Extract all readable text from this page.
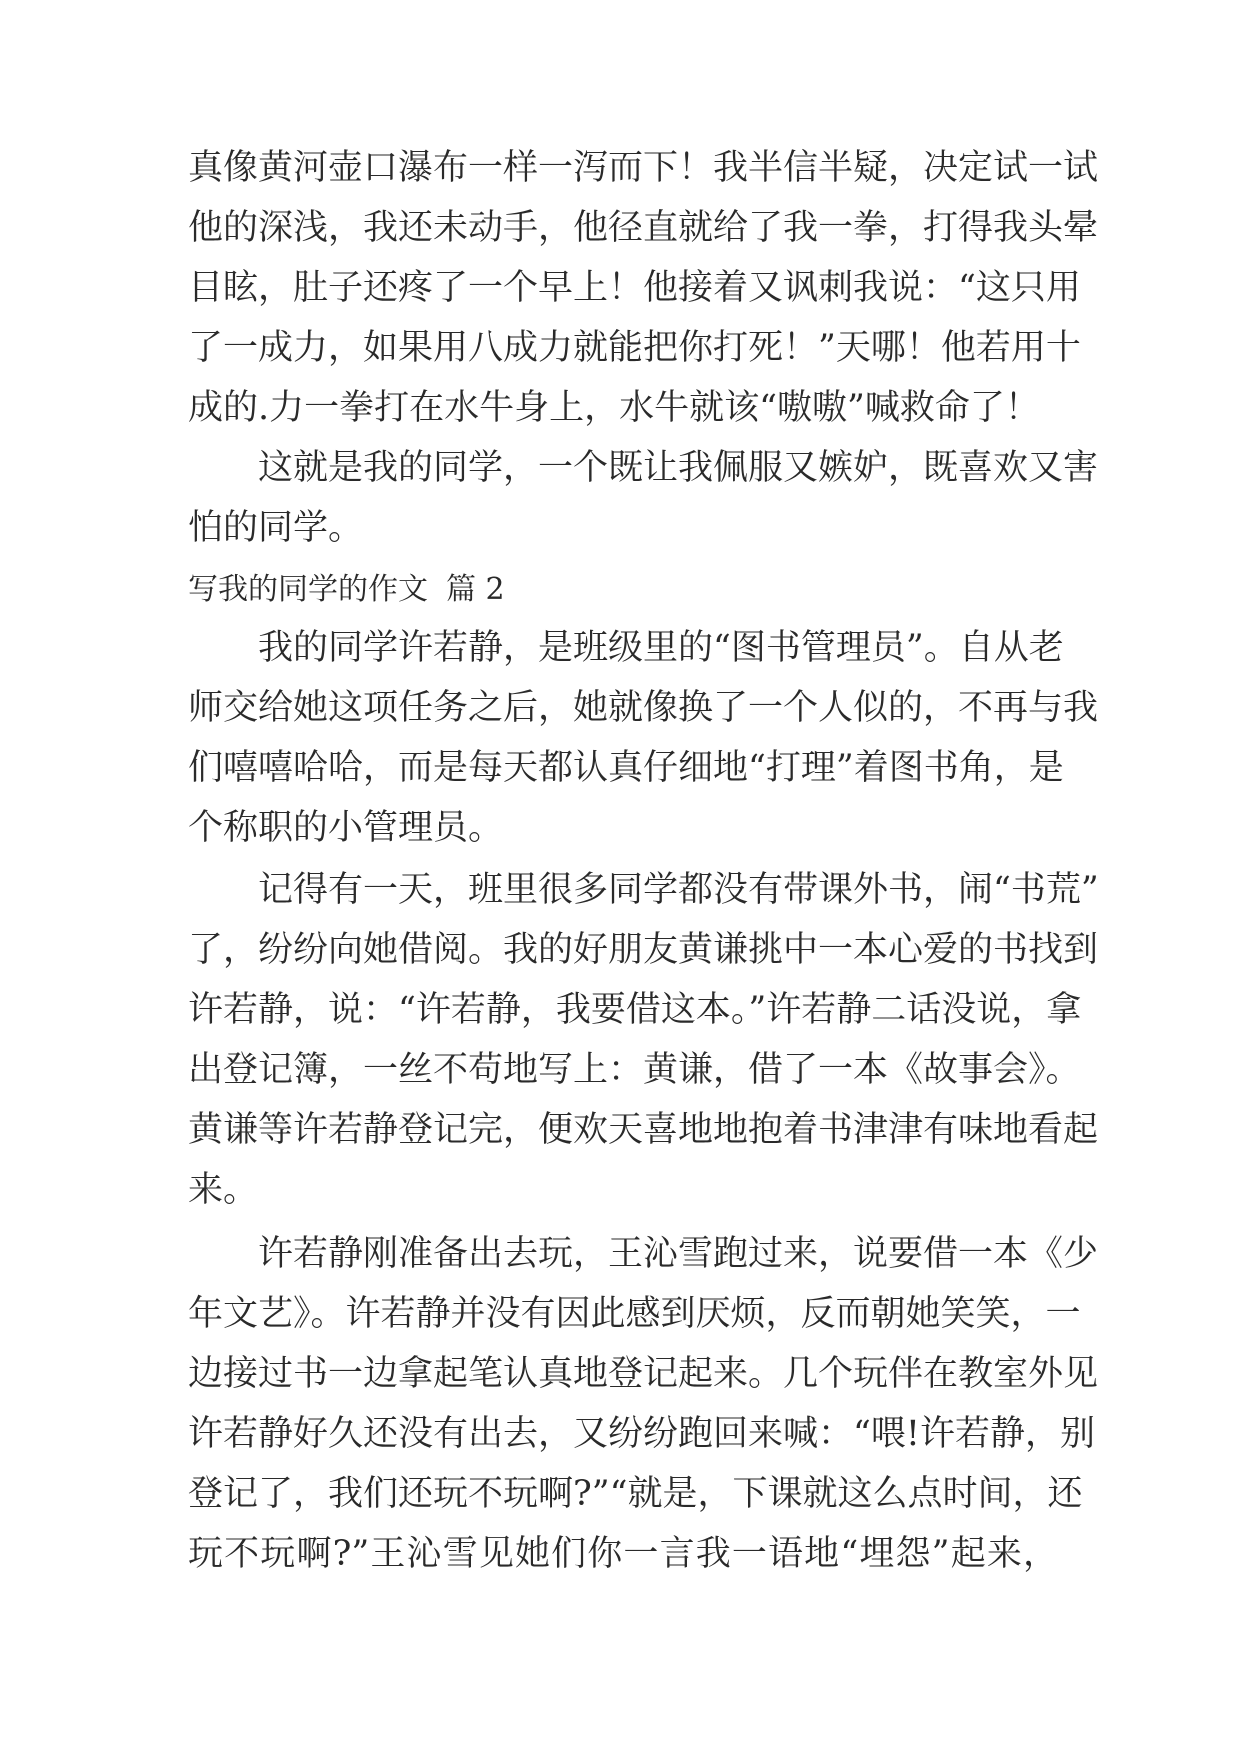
真像黄河壶口瀑布一样一泻而下！我半信半疑，决定试一试
他的深浅，我还未动手，他径直就给了我一拳，打得我头晕
目眩，肚子还疼了一个早上！他接着又讽刺我说：“这只用
了一成力，如果用八成力就能把你打死！”天哪！他若用十
成的.力一拳打在水牛身上，水牛就该“嗷嗷”喊救命了！
这就是我的同学，一个既让我佩服又嫉妒，既喜欢又害
怕的同学。
写我的同学的作文 篇 2
我的同学许若静，是班级里的“图书管理员”。自从老
师交给她这项任务之后，她就像换了一个人似的，不再与我
们嘻嘻哈哈，而是每天都认真仔细地“打理”着图书角，是
个称职的小管理员。
记得有一天，班里很多同学都没有带课外书，闹“书荒”
了，纷纷向她借阅。我的好朋友黄谦挑中一本心爱的书找到
许若静，说：“许若静，我要借这本。”许若静二话没说，拿
出登记簿，一丝不苟地写上：黄谦，借了一本《故事会》。
黄谦等许若静登记完，便欢天喜地地抱着书津津有味地看起
来。
许若静刚准备出去玩，王沁雪跑过来，说要借一本《少
年文艺》。许若静并没有因此感到厌烦，反而朝她笑笑，一
边接过书一边拿起笔认真地登记起来。几个玩伴在教室外见
许若静好久还没有出去，又纷纷跑回来喊：“喂!许若静，别
登记了，我们还玩不玩啊?”“就是，下课就这么点时间，还
玩不玩啊?”王沁雪见她们你一言我一语地“埋怨”起来，
